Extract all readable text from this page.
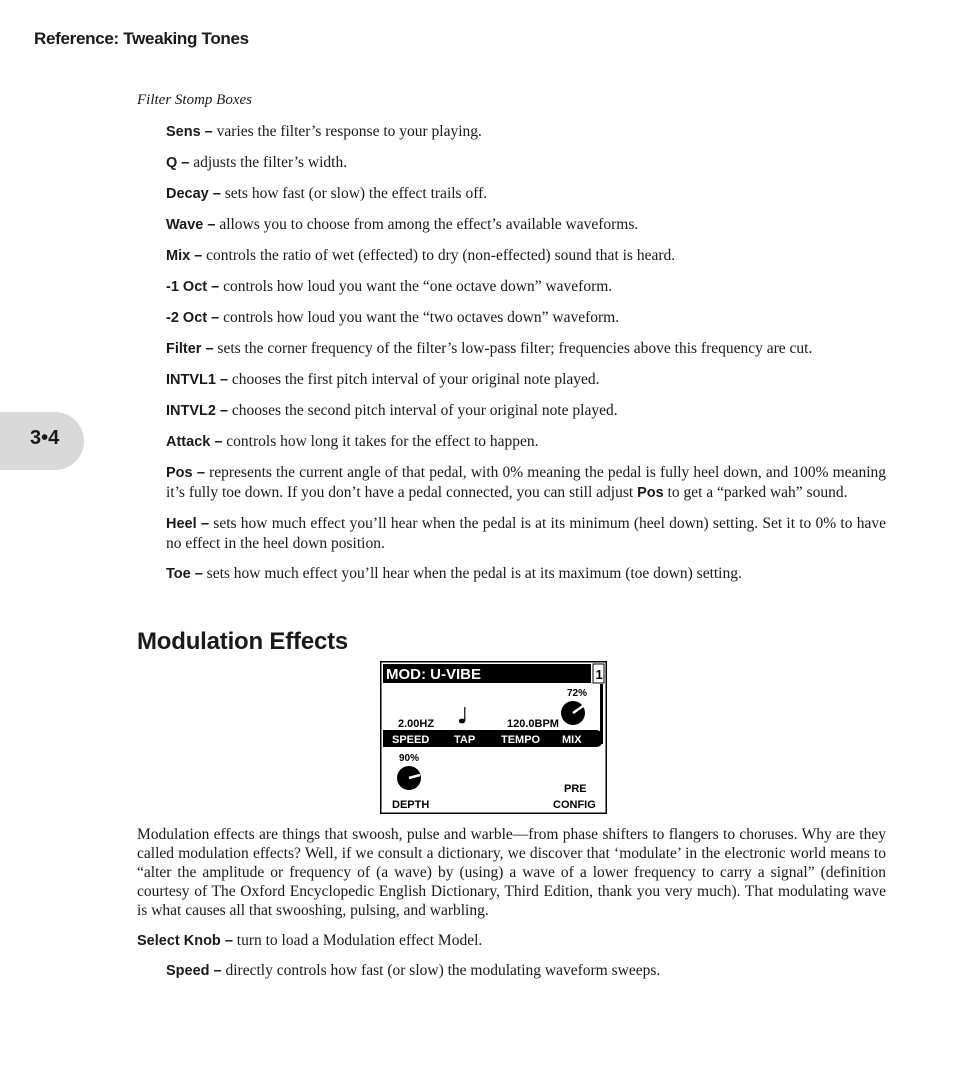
Reference: Tweaking Tones
3•4
Filter Stomp Boxes

Sens – varies the filter’s response to your playing.

Q – adjusts the filter’s width.

Decay – sets how fast (or slow) the effect trails off.

Wave – allows you to choose from among the effect’s available waveforms.

Mix – controls the ratio of wet (effected) to dry (non-effected) sound that is heard.

-1 Oct – controls how loud you want the “one octave down” waveform.

-2 Oct – controls how loud you want the “two octaves down” waveform.

Filter – sets the corner frequency of the filter’s low-pass filter; frequencies above this frequency are cut.

INTVL1 – chooses the first pitch interval of your original note played.

INTVL2 – chooses the second pitch interval of your original note played.

Attack – controls how long it takes for the effect to happen.

Pos – represents the current angle of that pedal, with 0% meaning the pedal is fully heel down, and 100% meaning it’s fully toe down. If you don’t have a pedal connected, you can still adjust Pos to get a “parked wah” sound.

Heel – sets how much effect you’ll hear when the pedal is at its minimum (heel down) setting. Set it to 0% to have no effect in the heel down position.

Toe – sets how much effect you’ll hear when the pedal is at its maximum (toe down) setting.

Modulation Effects
MOD: U-VIBE	1
72%
2.00HZ	120.0BPM
SPEED TAP TEMPO MIX
90%
DEPTH
PRE
CONFIG

Modulation effects are things that swoosh, pulse and warble—from phase shifters to flangers to choruses. Why are they called modulation effects? Well, if we consult a dictionary, we discover that ‘modulate’ in the electronic world means to “alter the amplitude or frequency of (a wave) by (using) a wave of a lower frequency to carry a signal” (definition courtesy of The Oxford Encyclopedic English Dictionary, Third Edition, thank you very much). That modulating wave is what causes all that swooshing, pulsing, and warbling.

Select Knob – turn to load a Modulation effect Model.

Speed – directly controls how fast (or slow) the modulating waveform sweeps.
